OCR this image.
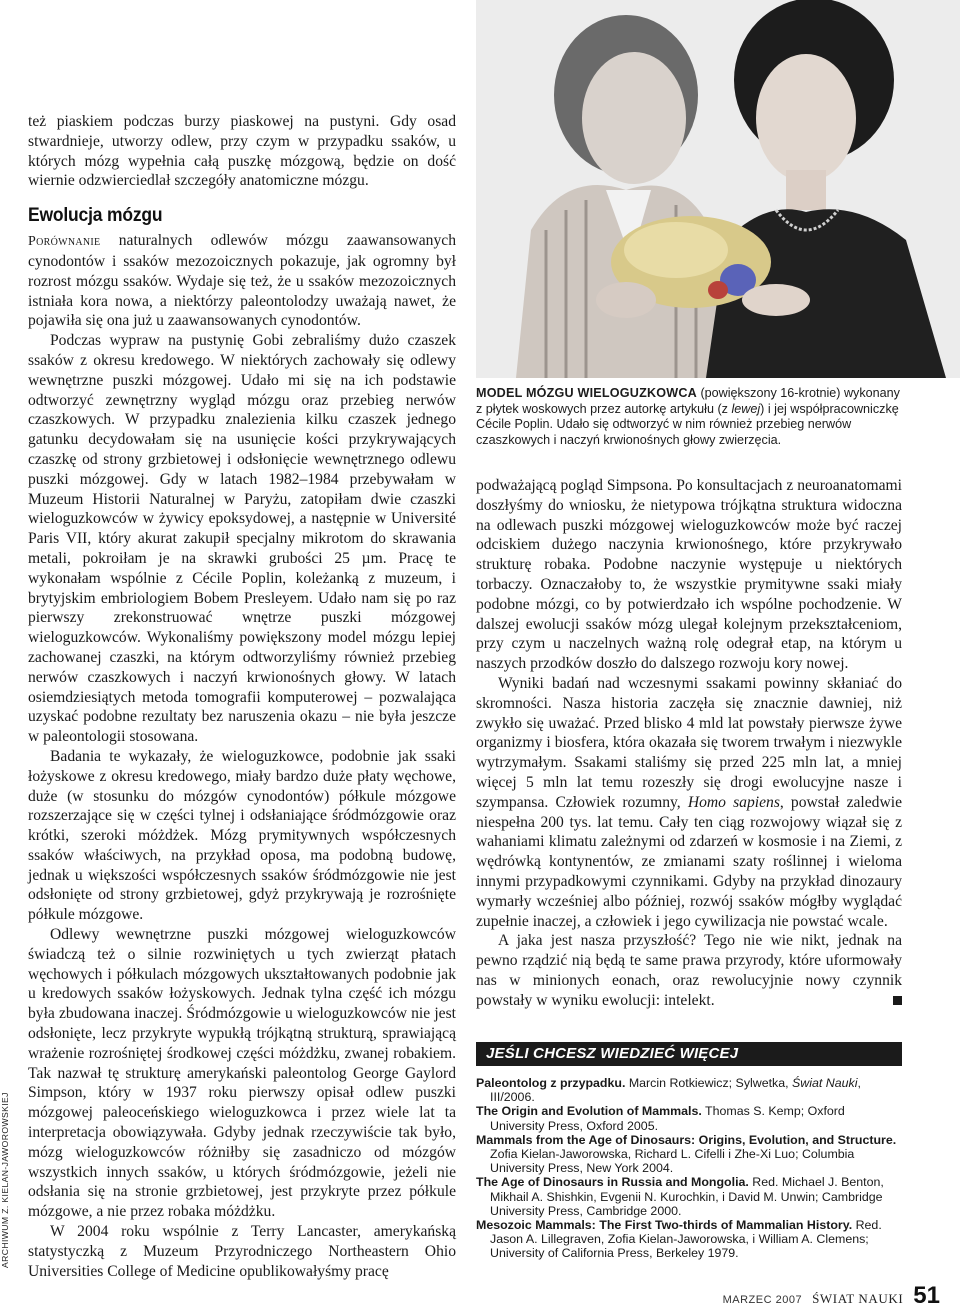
MODEL MÓZGU WIELOGUZKOWCA (powiększony 16-krotnie) wykonany z płytek woskowych przez autorkę artykułu (z lewej) i jej współpracowniczkę Cécile Poplin. Udało się odtworzyć w nim również przebieg nerwów czaszkowych i naczyń krwionośnych głowy zwierzęcia.

też piaskiem podczas burzy piaskowej na pustyni. Gdy osad stwardnieje, utworzy odlew, przy czym w przypadku ssaków, u których mózg wypełnia całą puszkę mózgową, będzie on dość wiernie odzwierciedlał szczegóły anatomiczne mózgu.

Ewolucja mózgu

Porównanie naturalnych odlewów mózgu zaawansowanych cynodontów i ssaków mezozoicznych pokazuje, jak ogromny był rozrost mózgu ssaków. Wydaje się też, że u ssaków mezozoicznych istniała kora nowa, a niektórzy paleontolodzy uważają nawet, że pojawiła się ona już u zaawansowanych cynodontów.

Podczas wypraw na pustynię Gobi zebraliśmy dużo czaszek ssaków z okresu kredowego. W niektórych zachowały się odlewy wewnętrzne puszki mózgowej. Udało mi się na ich podstawie odtworzyć zewnętrzny wygląd mózgu oraz przebieg nerwów czaszkowych. W przypadku znalezienia kilku czaszek jednego gatunku decydowałam się na usunięcie kości przykrywających czaszkę od strony grzbietowej i odsłonięcie wewnętrznego odlewu puszki mózgowej. Gdy w latach 1982–1984 przebywałam w Muzeum Historii Naturalnej w Paryżu, zatopiłam dwie czaszki wieloguzkowców w żywicy epoksydowej, a następnie w Université Paris VII, który akurat zakupił specjalny mikrotom do skrawania metali, pokroiłam je na skrawki grubości 25 µm. Pracę te wykonałam wspólnie z Cécile Poplin, koleżanką z muzeum, i brytyjskim embriologiem Bobem Presleyem. Udało nam się po raz pierwszy zrekonstruować wnętrze puszki mózgowej wieloguzkowców. Wykonaliśmy powiększony model mózgu lepiej zachowanej czaszki, na którym odtworzyliśmy również przebieg nerwów czaszkowych i naczyń krwionośnych głowy. W latach osiemdziesiątych metoda tomografii komputerowej – pozwalająca uzyskać podobne rezultaty bez naruszenia okazu – nie była jeszcze w paleontologii stosowana.

Badania te wykazały, że wieloguzkowce, podobnie jak ssaki łożyskowe z okresu kredowego, miały bardzo duże płaty węchowe, duże (w stosunku do mózgów cynodontów) półkule mózgowe rozszerzające się w części tylnej i odsłaniające śródmózgowie oraz krótki, szeroki móżdżek. Mózg prymitywnych współczesnych ssaków właściwych, na przykład oposa, ma podobną budowę, jednak u większości współczesnych ssaków śródmózgowie nie jest odsłonięte od strony grzbietowej, gdyż przykrywają je rozrośnięte półkule mózgowe.

Odlewy wewnętrzne puszki mózgowej wieloguzkowców świadczą też o silnie rozwiniętych u tych zwierząt płatach węchowych i półkulach mózgowych ukształtowanych podobnie jak u kredowych ssaków łożyskowych. Jednak tylna część ich mózgu była zbudowana inaczej. Śródmózgowie u wieloguzkowców nie jest odsłonięte, lecz przykryte wypukłą trójkątną strukturą, sprawiającą wrażenie rozrośniętej środkowej części móżdżku, zwanej robakiem. Tak nazwał tę strukturę amerykański paleontolog George Gaylord Simpson, który w 1937 roku pierwszy opisał odlew puszki mózgowej paleoceńskiego wieloguzkowca i przez wiele lat ta interpretacja obowiązywała. Gdyby jednak rzeczywiście tak było, mózg wieloguzkowców różniłby się zasadniczo od mózgów wszystkich innych ssaków, u których śródmózgowie, jeżeli nie odsłania się na stronie grzbietowej, jest przykryte przez półkule mózgowe, a nie przez robaka móżdżku.

W 2004 roku wspólnie z Terry Lancaster, amerykańską statystyczką z Muzeum Przyrodniczego Northeastern Ohio Universities College of Medicine opublikowałyśmy pracę

podważającą pogląd Simpsona. Po konsultacjach z neuroanatomami doszłyśmy do wniosku, że nietypowa trójkątna struktura widoczna na odlewach puszki mózgowej wieloguzkowców może być raczej odciskiem dużego naczynia krwionośnego, które przykrywało strukturę robaka. Podobne naczynie występuje u niektórych torbaczy. Oznaczałoby to, że wszystkie prymitywne ssaki miały podobne mózgi, co by potwierdzało ich wspólne pochodzenie. W dalszej ewolucji ssaków mózg ulegał kolejnym przekształceniom, przy czym u naczelnych ważną rolę odegrał etap, na którym u naszych przodków doszło do dalszego rozwoju kory nowej.

Wyniki badań nad wczesnymi ssakami powinny skłaniać do skromności. Nasza historia zaczęła się znacznie dawniej, niż zwykło się uważać. Przed blisko 4 mld lat powstały pierwsze żywe organizmy i biosfera, która okazała się tworem trwałym i niezwykle wytrzymałym. Ssakami staliśmy się przed 225 mln lat, a mniej więcej 5 mln lat temu rozeszły się drogi ewolucyjne nasze i szympansa. Człowiek rozumny, Homo sapiens, powstał zaledwie niespełna 200 tys. lat temu. Cały ten ciąg rozwojowy wiązał się z wahaniami klimatu zależnymi od zdarzeń w kosmosie i na Ziemi, z wędrówką kontynentów, ze zmianami szaty roślinnej i wieloma innymi przypadkowymi czynnikami. Gdyby na przykład dinozaury wymarły wcześniej albo później, rozwój ssaków mógłby wyglądać zupełnie inaczej, a człowiek i jego cywilizacja nie powstać wcale.

A jaka jest nasza przyszłość? Tego nie wie nikt, jednak na pewno rządzić nią będą te same prawa przyrody, które uformowały nas w minionych eonach, oraz rewolucyjnie nowy czynnik powstały w wyniku ewolucji: intelekt.

JEŚLI CHCESZ WIEDZIEĆ WIĘCEJ
Paleontolog z przypadku. Marcin Rotkiewicz; Sylwetka, Świat Nauki, III/2006.
The Origin and Evolution of Mammals. Thomas S. Kemp; Oxford University Press, Oxford 2005.
Mammals from the Age of Dinosaurs: Origins, Evolution, and Structure. Zofia Kielan-Jaworowska, Richard L. Cifelli i Zhe-Xi Luo; Columbia University Press, New York 2004.
The Age of Dinosaurs in Russia and Mongolia. Red. Michael J. Benton, Mikhail A. Shishkin, Evgenii N. Kurochkin, i David M. Unwin; Cambridge University Press, Cambridge 2000.
Mesozoic Mammals: The First Two-thirds of Mammalian History. Red. Jason A. Lillegraven, Zofia Kielan-Jaworowska, i William A. Clemens; University of California Press, Berkeley 1979.
ARCHIWUM Z. KIELAN-JAWOROWSKIEJ
MARZEC 2007 ŚWIAT NAUKI 51
